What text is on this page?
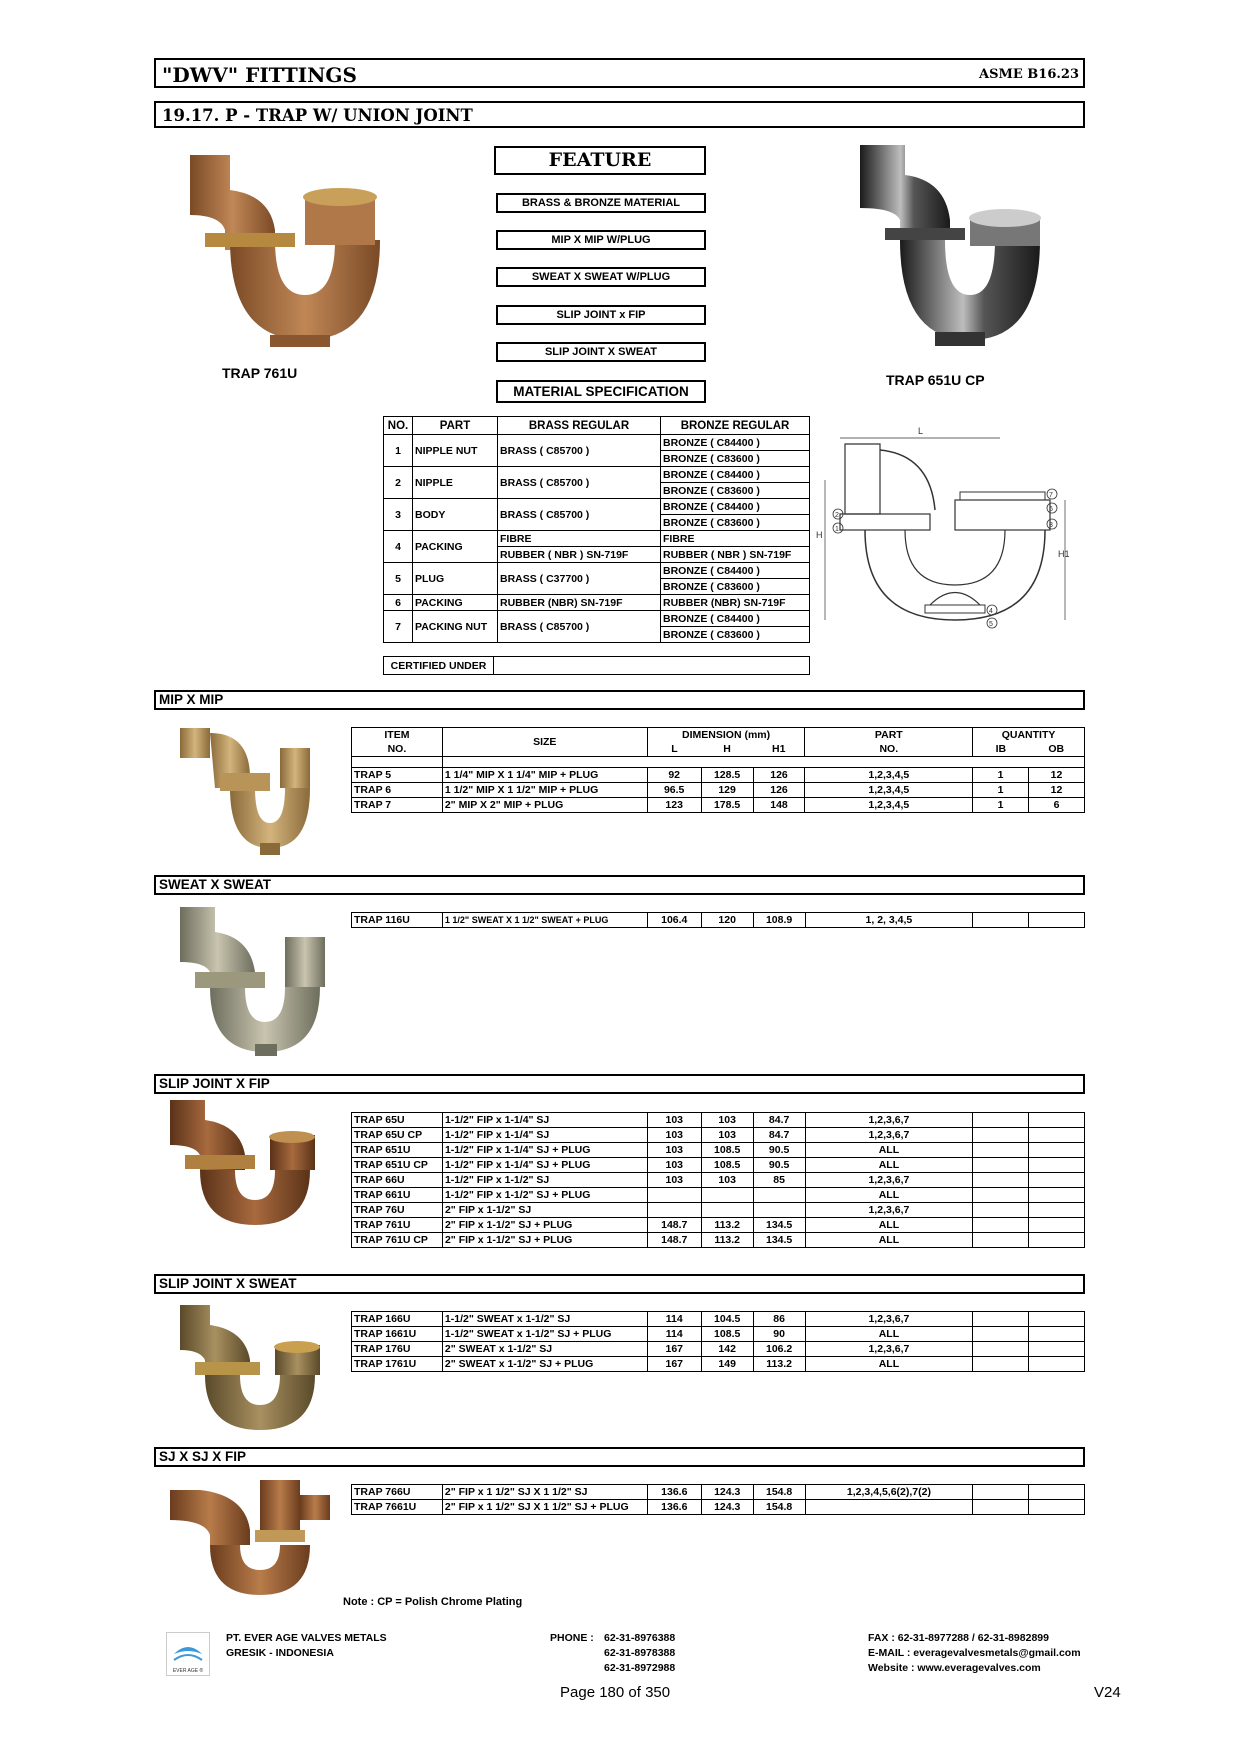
"DWV" FITTINGS	ASME B16.23
19.17. P - TRAP W/ UNION JOINT
TRAP 761U
FEATURE
BRASS & BRONZE MATERIAL
MIP X MIP W/PLUG
SWEAT X SWEAT W/PLUG
SLIP JOINT x FIP
SLIP JOINT X SWEAT
MATERIAL SPECIFICATION
TRAP 651U CP
NO.	PART	BRASS REGULAR	BRONZE REGULAR
1	NIPPLE NUT	BRASS ( C85700 )	BRONZE ( C84400 )
			BRONZE ( C83600 )
2	NIPPLE	BRASS ( C85700 )	BRONZE ( C84400 )
			BRONZE ( C83600 )
3	BODY	BRASS ( C85700 )	BRONZE ( C84400 )
			BRONZE ( C83600 )
4	PACKING	FIBRE	FIBRE
		RUBBER ( NBR ) SN-719F	RUBBER ( NBR ) SN-719F
5	PLUG	BRASS ( C37700 )	BRONZE ( C84400 )
			BRONZE ( C83600 )
6	PACKING	RUBBER (NBR) SN-719F	RUBBER (NBR) SN-719F
7	PACKING NUT	BRASS ( C85700 )	BRONZE ( C84400 )
			BRONZE ( C83600 )
CERTIFIED UNDER	
L
H
H1
1
2
3
4
5
6
7
MIP X MIP
ITEM	SIZE	DIMENSION (mm)			PART	QUANTITY	
NO.		L	H	H1	NO.	IB	OB

TRAP 5	1 1/4" MIP X 1 1/4" MIP + PLUG	92	128.5	126	1,2,3,4,5	1	12
TRAP 6	1 1/2" MIP X 1 1/2" MIP + PLUG	96.5	129	126	1,2,3,4,5	1	12
TRAP 7	2" MIP X 2" MIP + PLUG	123	178.5	148	1,2,3,4,5	1	6
SWEAT X SWEAT
TRAP 116U	1 1/2" SWEAT X 1 1/2" SWEAT + PLUG	106.4	120	108.9	1, 2, 3,4,5		
SLIP JOINT X FIP
TRAP 65U	1-1/2" FIP x 1-1/4" SJ	103	103	84.7	1,2,3,6,7		
TRAP 65U CP	1-1/2" FIP x 1-1/4" SJ	103	103	84.7	1,2,3,6,7		
TRAP 651U	1-1/2" FIP x 1-1/4" SJ + PLUG	103	108.5	90.5	ALL		
TRAP 651U CP	1-1/2" FIP x 1-1/4" SJ + PLUG	103	108.5	90.5	ALL		
TRAP 66U	1-1/2" FIP x 1-1/2" SJ	103	103	85	1,2,3,6,7		
TRAP 661U	1-1/2" FIP x 1-1/2" SJ + PLUG				ALL		
TRAP 76U	2" FIP x 1-1/2" SJ				1,2,3,6,7		
TRAP 761U	2" FIP x 1-1/2" SJ + PLUG	148.7	113.2	134.5	ALL		
TRAP 761U CP	2" FIP x 1-1/2" SJ + PLUG	148.7	113.2	134.5	ALL		
SLIP JOINT X SWEAT
TRAP 166U	1-1/2" SWEAT x 1-1/2" SJ	114	104.5	86	1,2,3,6,7		
TRAP 1661U	1-1/2" SWEAT x 1-1/2" SJ + PLUG	114	108.5	90	ALL		
TRAP 176U	2" SWEAT x 1-1/2" SJ	167	142	106.2	1,2,3,6,7		
TRAP 1761U	2" SWEAT x 1-1/2" SJ + PLUG	167	149	113.2	ALL		
SJ X SJ X FIP
TRAP 766U	2" FIP x 1 1/2" SJ X 1 1/2" SJ	136.6	124.3	154.8	1,2,3,4,5,6(2),7(2)		
TRAP 7661U	2" FIP x 1 1/2" SJ X 1 1/2" SJ + PLUG	136.6	124.3	154.8			
Note : CP = Polish Chrome Plating
EVER AGE ®
PT. EVER AGE VALVES METALS
GRESIK - INDONESIA
PHONE : 62-31-8976388
62-31-8978388
62-31-8972988
FAX : 62-31-8977288 / 62-31-8982899
E-MAIL : everagevalvesmetals@gmail.com
Website : www.everagevalves.com
Page 180 of 350	V24
